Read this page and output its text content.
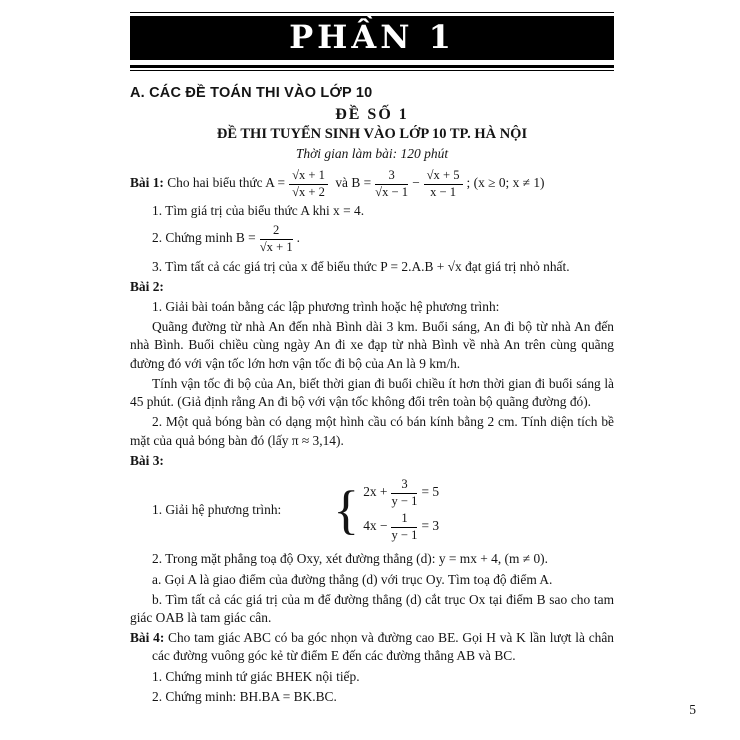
PHẦN 1
A. CÁC ĐỀ TOÁN THI VÀO LỚP 10
ĐỀ SỐ 1
ĐỀ THI TUYỂN SINH VÀO LỚP 10 TP. HÀ NỘI
Thời gian làm bài: 120 phút

Bài 1: Cho hai biểu thức $A = \frac{√x + 1}{√x + 2}$ và $B = \frac{3}{√x - 1} - \frac{√x + 5}{x - 1}$ ; (x ≥ 0; x ≠ 1)

1. Tìm giá trị của biểu thức A khi x = 4.

2. Chứng minh $B = \frac{2}{√x + 1}$ .

3. Tìm tất cả các giá trị của x để biểu thức P = 2.A.B + √x đạt giá trị nhỏ nhất.

Bài 2:

1. Giải bài toán bằng các lập phương trình hoặc hệ phương trình:

Quãng đường từ nhà An đến nhà Bình dài 3 km. Buổi sáng, An đi bộ từ nhà An đến nhà Bình. Buổi chiều cùng ngày An đi xe đạp từ nhà Bình về nhà An trên cùng quãng đường đó với vận tốc lớn hơn vận tốc đi bộ của An là 9 km/h.

Tính vận tốc đi bộ của An, biết thời gian đi buổi chiều ít hơn thời gian đi buổi sáng là 45 phút. (Giả định rằng An đi bộ với vận tốc không đổi trên toàn bộ quãng đường đó).

2. Một quả bóng bàn có dạng một hình cầu có bán kính bằng 2 cm. Tính diện tích bề mặt của quả bóng bàn đó (lấy π ≈ 3,14).

Bài 3:

1. Giải hệ phương trình: { $2x + \frac{3}{y - 1} = 5$
$4x - \frac{1}{y - 1} = 3$

2. Trong mặt phẳng toạ độ Oxy, xét đường thẳng (d): y = mx + 4, (m ≠ 0).

a. Gọi A là giao điểm của đường thẳng (d) với trục Oy. Tìm toạ độ điểm A.

b. Tìm tất cả các giá trị của m để đường thẳng (d) cắt trục Ox tại điểm B sao cho tam giác OAB là tam giác cân.

Bài 4: Cho tam giác ABC có ba góc nhọn và đường cao BE. Gọi H và K lần lượt là chân các đường vuông góc kẻ từ điểm E đến các đường thẳng AB và BC.

1. Chứng minh tứ giác BHEK nội tiếp.

2. Chứng minh: BH.BA = BK.BC.

5
